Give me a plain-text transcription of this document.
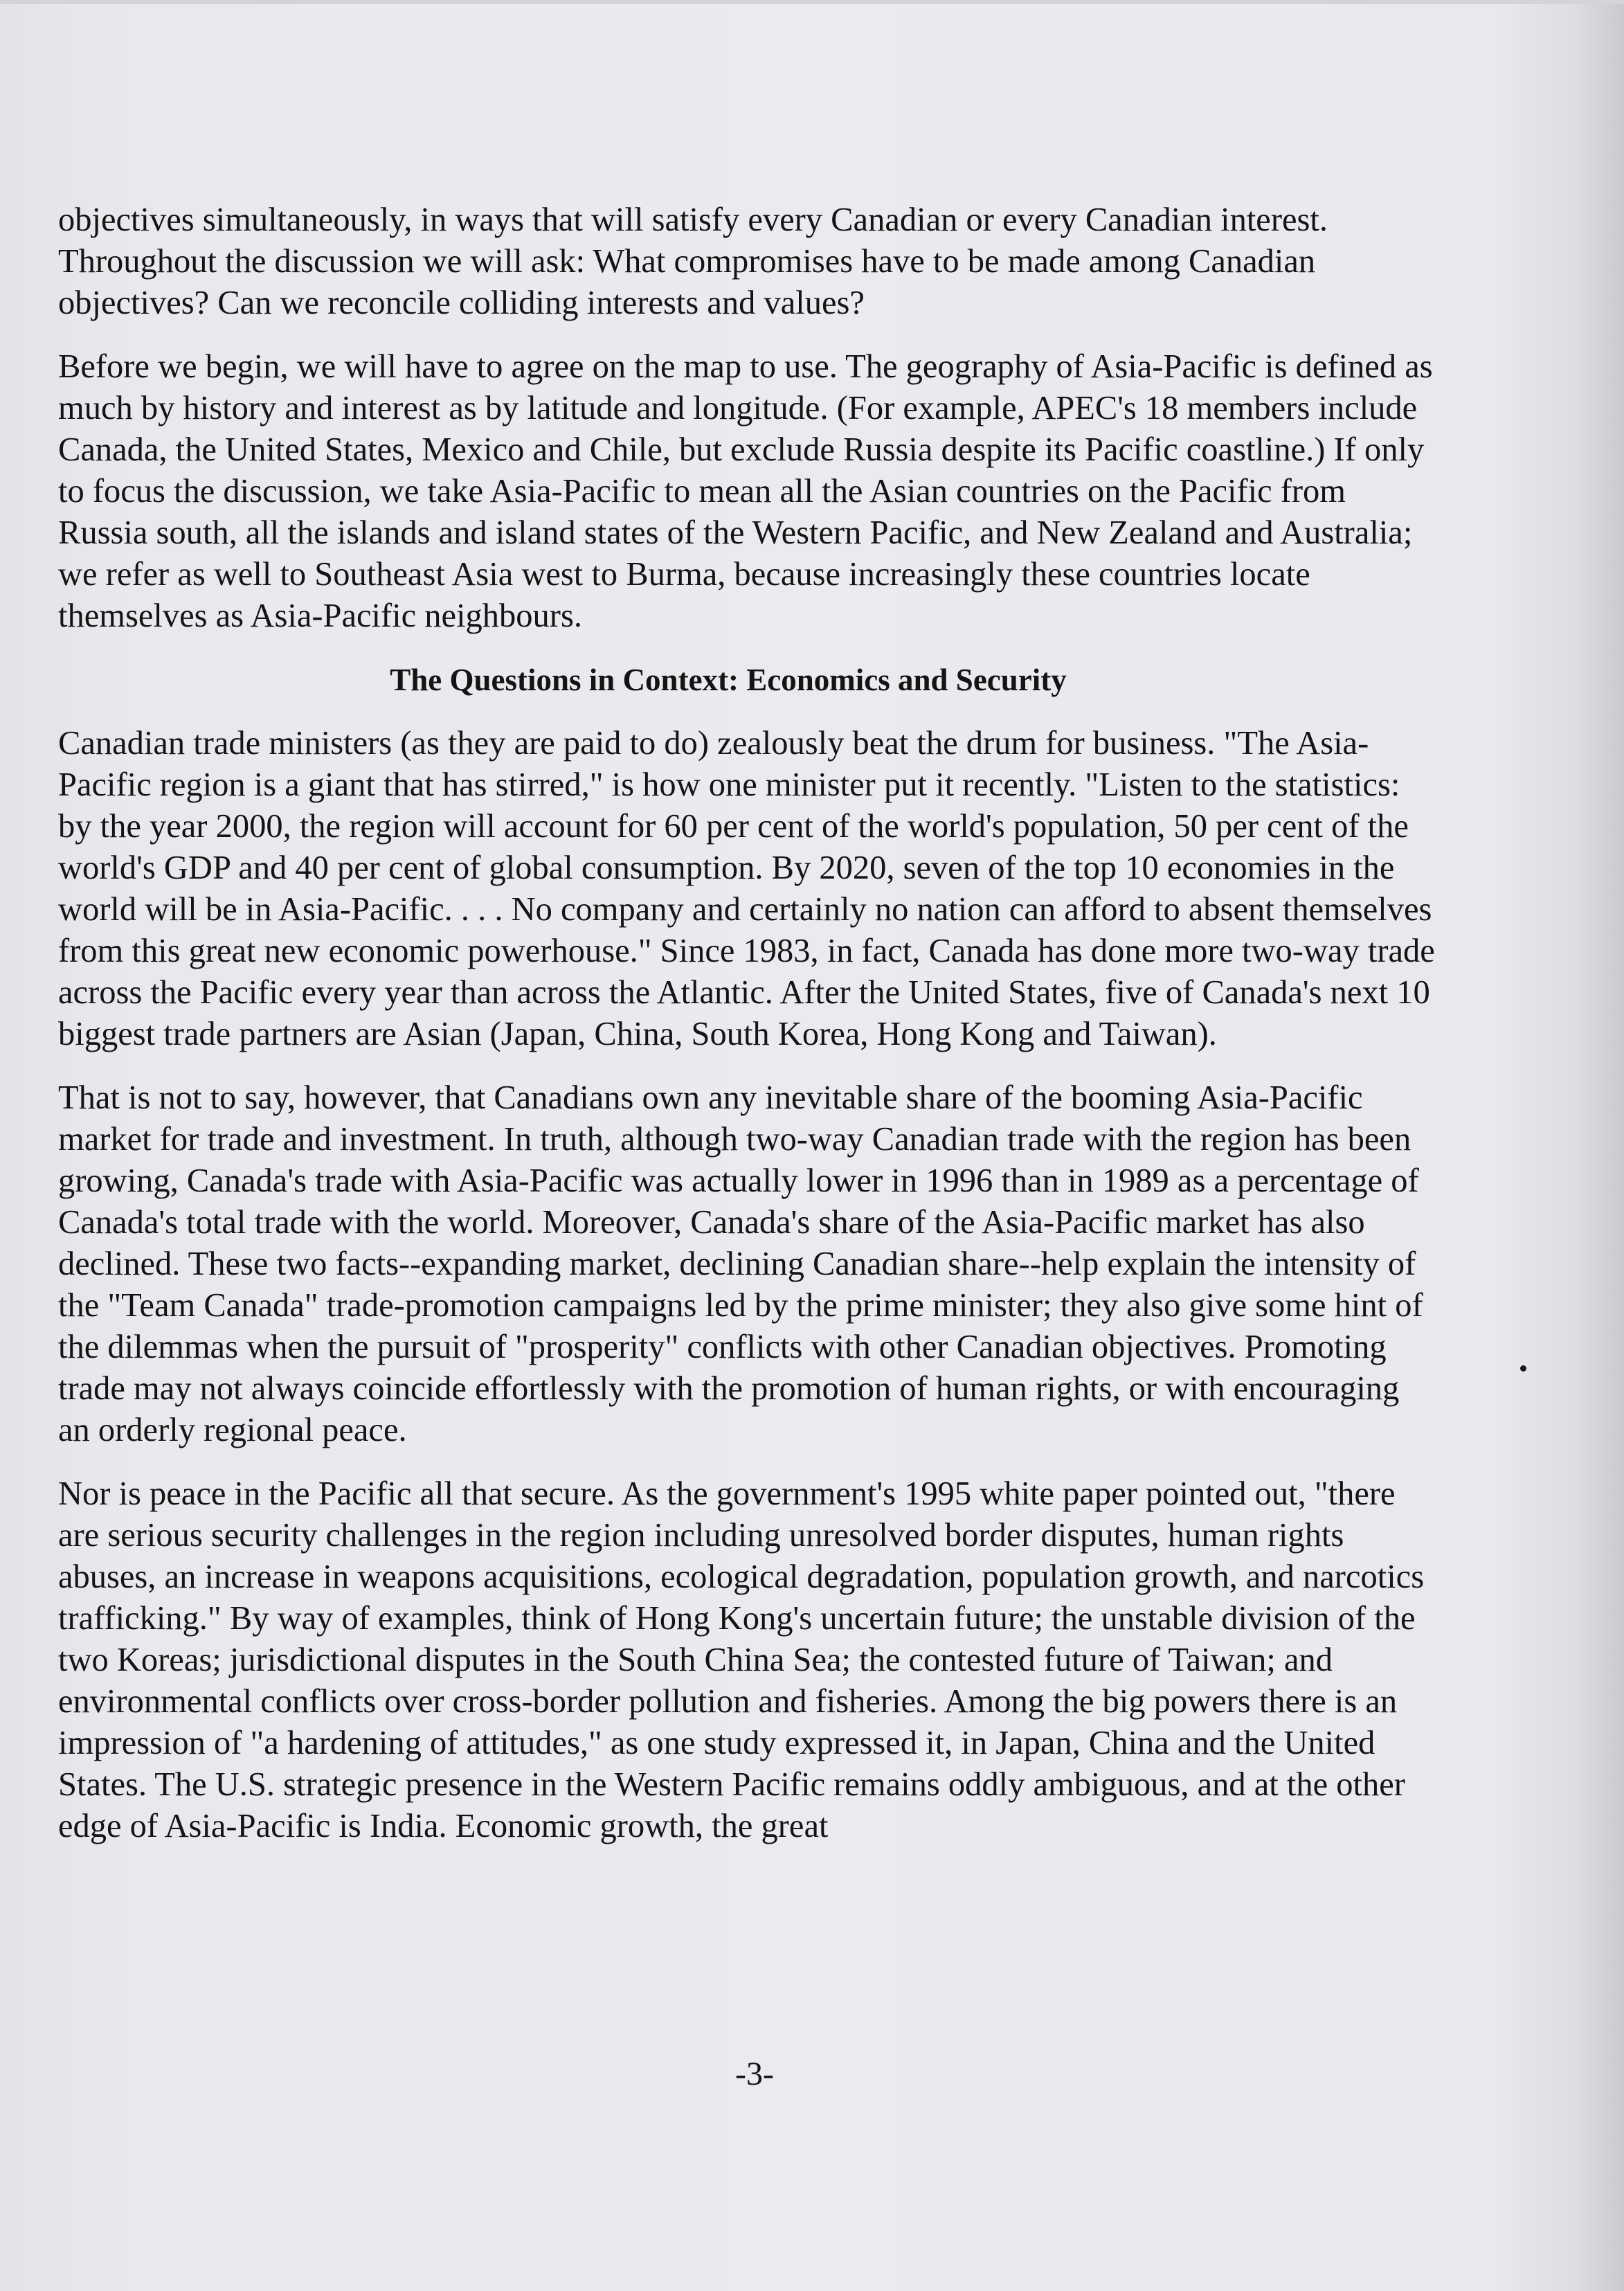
objectives simultaneously, in ways that will satisfy every Canadian or every Canadian interest. Throughout the discussion we will ask: What compromises have to be made among Canadian objectives? Can we reconcile colliding interests and values?

Before we begin, we will have to agree on the map to use. The geography of Asia-Pacific is defined as much by history and interest as by latitude and longitude. (For example, APEC's 18 members include Canada, the United States, Mexico and Chile, but exclude Russia despite its Pacific coastline.) If only to focus the discussion, we take Asia-Pacific to mean all the Asian countries on the Pacific from Russia south, all the islands and island states of the Western Pacific, and New Zealand and Australia; we refer as well to Southeast Asia west to Burma, because increasingly these countries locate themselves as Asia-Pacific neighbours.

The Questions in Context: Economics and Security

Canadian trade ministers (as they are paid to do) zealously beat the drum for business. "The Asia-Pacific region is a giant that has stirred," is how one minister put it recently. "Listen to the statistics: by the year 2000, the region will account for 60 per cent of the world's population, 50 per cent of the world's GDP and 40 per cent of global consumption. By 2020, seven of the top 10 economies in the world will be in Asia-Pacific. . . . No company and certainly no nation can afford to absent themselves from this great new economic powerhouse." Since 1983, in fact, Canada has done more two-way trade across the Pacific every year than across the Atlantic. After the United States, five of Canada's next 10 biggest trade partners are Asian (Japan, China, South Korea, Hong Kong and Taiwan).

That is not to say, however, that Canadians own any inevitable share of the booming Asia-Pacific market for trade and investment. In truth, although two-way Canadian trade with the region has been growing, Canada's trade with Asia-Pacific was actually lower in 1996 than in 1989 as a percentage of Canada's total trade with the world. Moreover, Canada's share of the Asia-Pacific market has also declined. These two facts--expanding market, declining Canadian share--help explain the intensity of the "Team Canada" trade-promotion campaigns led by the prime minister; they also give some hint of the dilemmas when the pursuit of "prosperity" conflicts with other Canadian objectives. Promoting trade may not always coincide effortlessly with the promotion of human rights, or with encouraging an orderly regional peace.

Nor is peace in the Pacific all that secure. As the government's 1995 white paper pointed out, "there are serious security challenges in the region including unresolved border disputes, human rights abuses, an increase in weapons acquisitions, ecological degradation, population growth, and narcotics trafficking." By way of examples, think of Hong Kong's uncertain future; the unstable division of the two Koreas; jurisdictional disputes in the South China Sea; the contested future of Taiwan; and environmental conflicts over cross-border pollution and fisheries. Among the big powers there is an impression of "a hardening of attitudes," as one study expressed it, in Japan, China and the United States. The U.S. strategic presence in the Western Pacific remains oddly ambiguous, and at the other edge of Asia-Pacific is India. Economic growth, the great

-3-
